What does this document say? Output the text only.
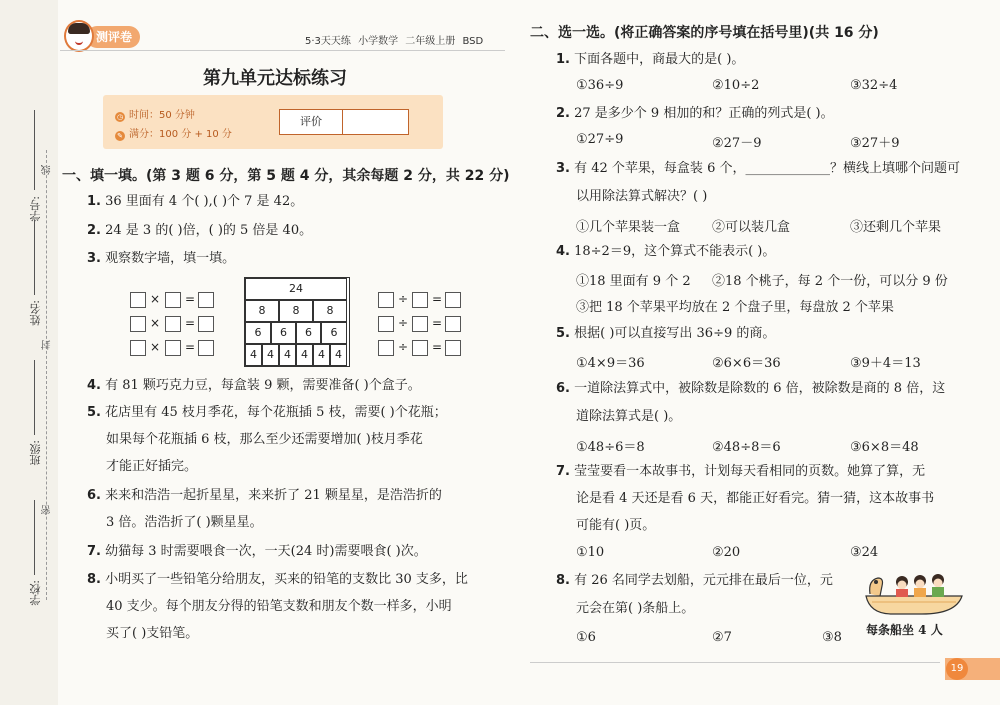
学号:
线
姓名:
封
班级:
密
学校:
测评卷	5·3天天练 小学数学 二年级上册 BSD
第九单元达标练习
◷ 时间：50 分钟
✎ 满分：100 分 + 10 分
评价
一、填一填。(第 3 题 6 分，第 5 题 4 分，其余每题 2 分，共 22 分)
1. 36 里面有 4 个( ),( )个 7 是 42。
2. 24 是 3 的( )倍，( )的 5 倍是 40。
3. 观察数字墙，填一填。
× =
× =
× =
24
8	8	8
6	6	6	6
4 4 4 4 4 4
÷ =
÷ =
÷ =
4. 有 81 颗巧克力豆，每盒装 9 颗，需要准备( )个盒子。
5. 花店里有 45 枝月季花，每个花瓶插 5 枝，需要( )个花瓶；
如果每个花瓶插 6 枝，那么至少还需要增加( )枝月季花
才能正好插完。
6. 来来和浩浩一起折星星，来来折了 21 颗星星，是浩浩折的
3 倍。浩浩折了( )颗星星。
7. 幼猫每 3 时需要喂食一次，一天(24 时)需要喂食( )次。
8. 小明买了一些铅笔分给朋友，买来的铅笔的支数比 30 支多，比
40 支少。每个朋友分得的铅笔支数和朋友个数一样多，小明
买了( )支铅笔。
二、选一选。(将正确答案的序号填在括号里)(共 16 分)
1. 下面各题中，商最大的是( )。
①36÷9	②10÷2	③32÷4
2. 27 是多少个 9 相加的和？正确的列式是( )。
①27÷9	②27－9	③27＋9
3. 有 42 个苹果，每盒装 6 个，_____________？横线上填哪个问题可
以用除法算式解决？( )
①几个苹果装一盒 ②可以装几盒	③还剩几个苹果
4. 18÷2＝9，这个算式不能表示( )。
①18 里面有 9 个 2 ②18 个桃子，每 2 个一份，可以分 9 份
③把 18 个苹果平均放在 2 个盘子里，每盘放 2 个苹果
5. 根据( )可以直接写出 36÷9 的商。
①4×9＝36	②6×6＝36	③9＋4＝13
6. 一道除法算式中，被除数是除数的 6 倍，被除数是商的 8 倍，这
道除法算式是( )。
①48÷6＝8	②48÷8＝6	③6×8＝48
7. 莹莹要看一本故事书，计划每天看相同的页数。她算了算，无
论是看 4 天还是看 6 天，都能正好看完。猜一猜，这本故事书
可能有( )页。
①10	②20	③24
8. 有 26 名同学去划船，元元排在最后一位，元
元会在第( )条船上。
①6	②7	③8 每条船坐 4 人
19
